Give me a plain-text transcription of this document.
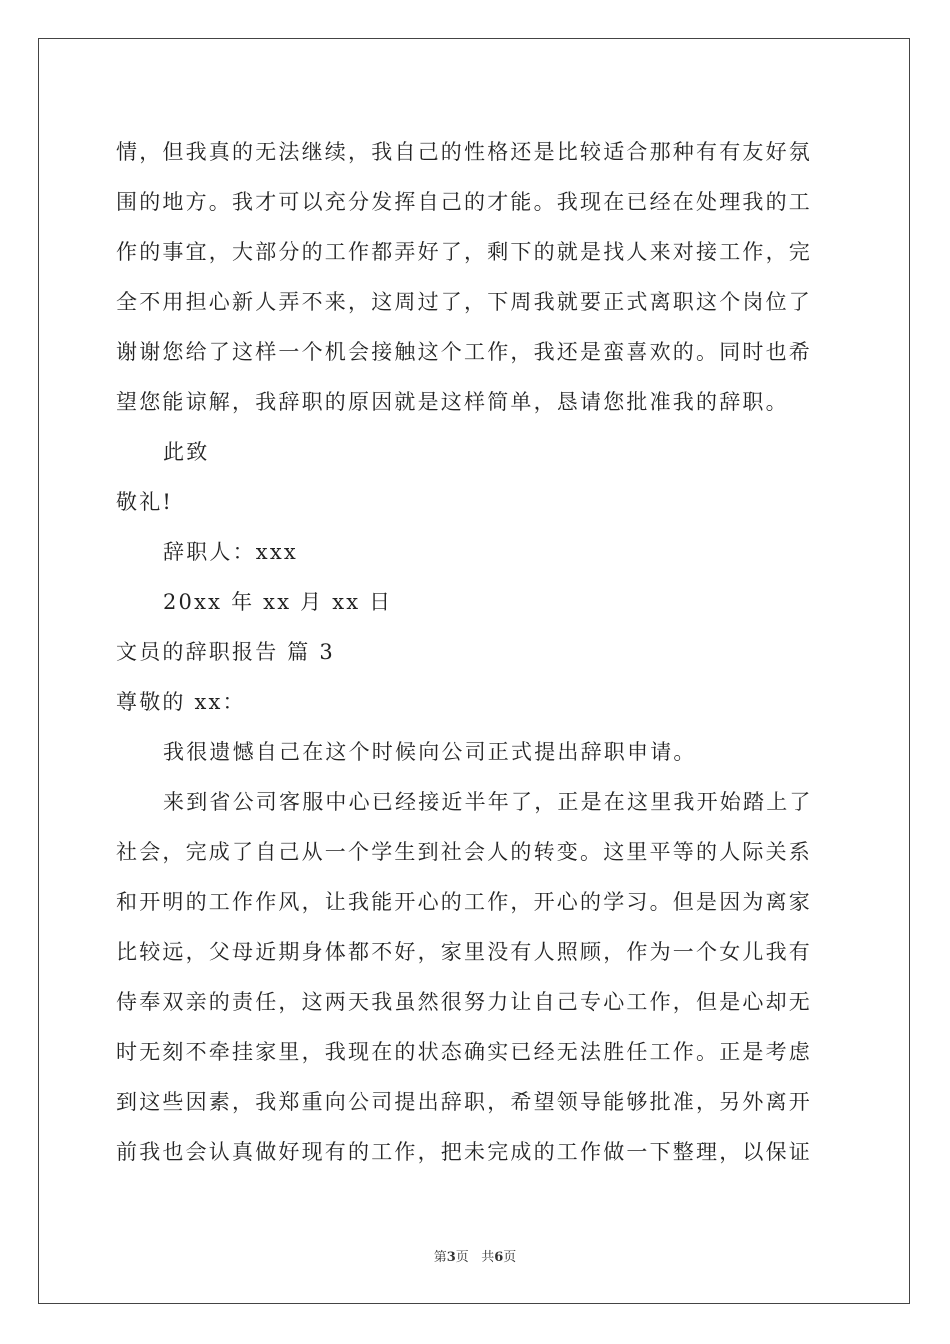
情，但我真的无法继续，我自己的性格还是比较适合那种有有友好氛
围的地方。我才可以充分发挥自己的才能。我现在已经在处理我的工
作的事宜，大部分的工作都弄好了，剩下的就是找人来对接工作，完
全不用担心新人弄不来，这周过了，下周我就要正式离职这个岗位了
谢谢您给了这样一个机会接触这个工作，我还是蛮喜欢的。同时也希
望您能谅解，我辞职的原因就是这样简单，恳请您批准我的辞职。
此致
敬礼!
辞职人：xxx
20xx 年 xx 月 xx 日
文员的辞职报告 篇 3
尊敬的 xx：
我很遗憾自己在这个时候向公司正式提出辞职申请。
来到省公司客服中心已经接近半年了，正是在这里我开始踏上了
社会，完成了自己从一个学生到社会人的转变。这里平等的人际关系
和开明的工作作风，让我能开心的工作，开心的学习。但是因为离家
比较远，父母近期身体都不好，家里没有人照顾，作为一个女儿我有
侍奉双亲的责任，这两天我虽然很努力让自己专心工作，但是心却无
时无刻不牵挂家里，我现在的状态确实已经无法胜任工作。正是考虑
到这些因素，我郑重向公司提出辞职，希望领导能够批准，另外离开
前我也会认真做好现有的工作，把未完成的工作做一下整理，以保证
第3页 共6页
